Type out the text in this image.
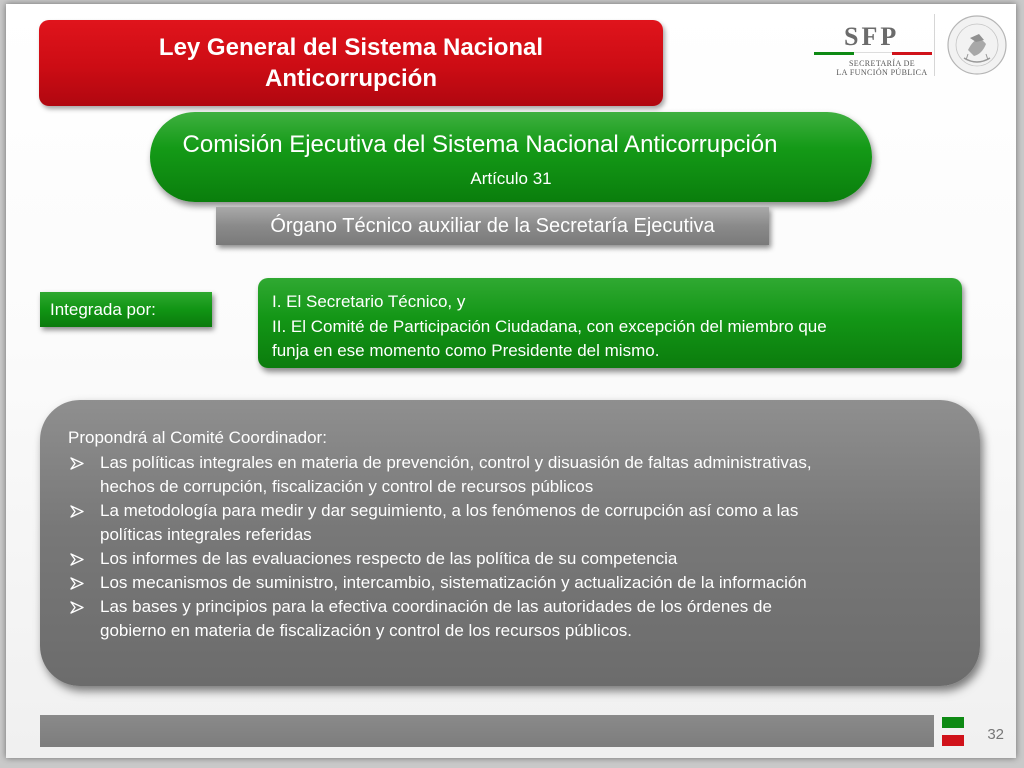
Ley General del Sistema Nacional
Anticorrupción
SFP
SECRETARÍA DE
LA FUNCIÓN PÚBLICA
Comisión Ejecutiva del Sistema Nacional Anticorrupción
Artículo 31
Órgano Técnico auxiliar de la Secretaría Ejecutiva
Integrada por:	I. El Secretario Técnico, y
II. El Comité de Participación Ciudadana, con excepción del miembro que
funja en ese momento como Presidente del mismo.
Propondrá al Comité Coordinador:
Las políticas integrales en materia de prevención, control y disuasión de faltas administrativas,
hechos de corrupción, fiscalización y control de recursos públicos
La metodología para medir y dar seguimiento, a los fenómenos de corrupción así como a las
políticas integrales referidas
Los informes de las evaluaciones respecto de las política de su competencia
Los mecanismos de suministro, intercambio, sistematización y actualización de la información
Las bases y principios para la efectiva coordinación de las autoridades de los órdenes de
gobierno en materia de fiscalización y control de los recursos públicos.
32
